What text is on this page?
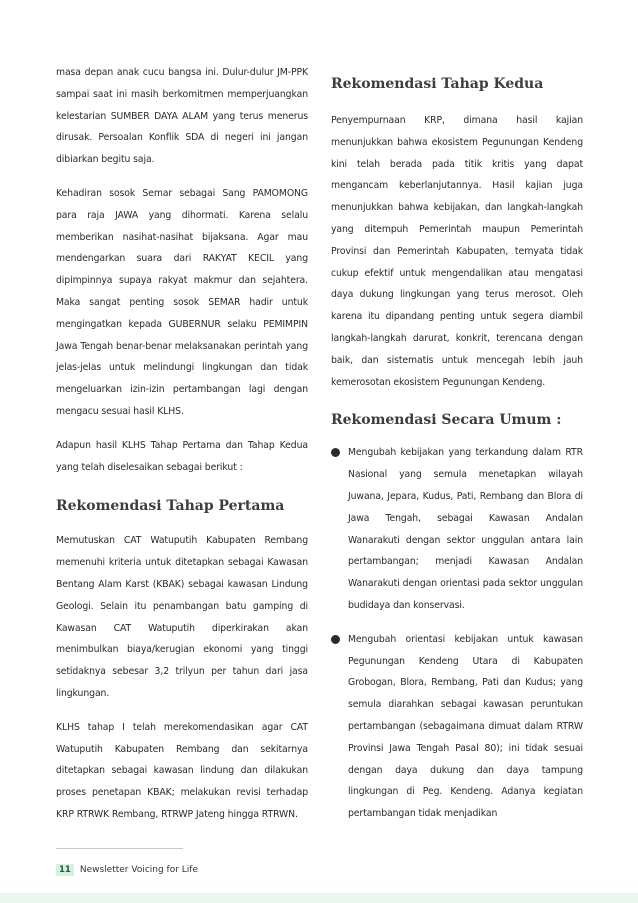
masa depan anak cucu bangsa ini. Dulur-dulur JM-PPK sampai saat ini masih berkomitmen memperjuangkan kelestarian SUMBER DAYA ALAM yang terus menerus dirusak. Persoalan Konflik SDA di negeri ini jangan dibiarkan begitu saja.

Kehadiran sosok Semar sebagai Sang PAMOMONG para raja JAWA yang dihormati. Karena selalu memberikan nasihat-nasihat bijaksana. Agar mau mendengarkan suara dari RAKYAT KECIL yang dipimpinnya supaya rakyat makmur dan sejahtera. Maka sangat penting sosok SEMAR hadir untuk mengingatkan kepada GUBERNUR selaku PEMIMPIN Jawa Tengah benar-benar melaksanakan perintah yang jelas-jelas untuk melindungi lingkungan dan tidak mengeluarkan izin-izin pertambangan lagi dengan mengacu sesuai hasil KLHS.

Adapun hasil KLHS Tahap Pertama dan Tahap Kedua yang telah diselesaikan sebagai berikut :

Rekomendasi Tahap Pertama

Memutuskan CAT Watuputih Kabupaten Rembang memenuhi kriteria untuk ditetapkan sebagai Kawasan Bentang Alam Karst (KBAK) sebagai kawasan Lindung Geologi. Selain itu penambangan batu gamping di Kawasan CAT Watuputih diperkirakan akan menimbulkan biaya/kerugian ekonomi yang tinggi setidaknya sebesar 3,2 trilyun per tahun dari jasa lingkungan.

KLHS tahap I telah merekomendasikan agar CAT Watuputih Kabupaten Rembang dan sekitarnya ditetapkan sebagai kawasan lindung dan dilakukan proses penetapan KBAK; melakukan revisi terhadap KRP RTRWK Rembang, RTRWP Jateng hingga RTRWN.

Rekomendasi Tahap Kedua

Penyempurnaan KRP, dimana hasil kajian menunjukkan bahwa ekosistem Pegunungan Kendeng kini telah berada pada titik kritis yang dapat mengancam keberlanjutannya. Hasil kajian juga menunjukkan bahwa kebijakan, dan langkah-langkah yang ditempuh Pemerintah maupun Pemerintah Provinsi dan Pemerintah Kabupaten, ternyata tidak cukup efektif untuk mengendalikan atau mengatasi daya dukung lingkungan yang terus merosot. Oleh karena itu dipandang penting untuk segera diambil langkah-langkah darurat, konkrit, terencana dengan baik, dan sistematis untuk mencegah lebih jauh kemerosotan ekosistem Pegunungan Kendeng.

Rekomendasi Secara Umum :

Mengubah kebijakan yang terkandung dalam RTR Nasional yang semula menetapkan wilayah Juwana, Jepara, Kudus, Pati, Rembang dan Blora di Jawa Tengah, sebagai Kawasan Andalan Wanarakuti dengan sektor unggulan antara lain pertambangan; menjadi Kawasan Andalan Wanarakuti dengan orientasi pada sektor unggulan budidaya dan konservasi.

Mengubah orientasi kebijakan untuk kawasan Pegunungan Kendeng Utara di Kabupaten Grobogan, Blora, Rembang, Pati dan Kudus; yang semula diarahkan sebagai kawasan peruntukan pertambangan (sebagaimana dimuat dalam RTRW Provinsi Jawa Tengah Pasal 80); ini tidak sesuai dengan daya dukung dan daya tampung lingkungan di Peg. Kendeng. Adanya kegiatan pertambangan tidak menjadikan

11	Newsletter Voicing for Life
